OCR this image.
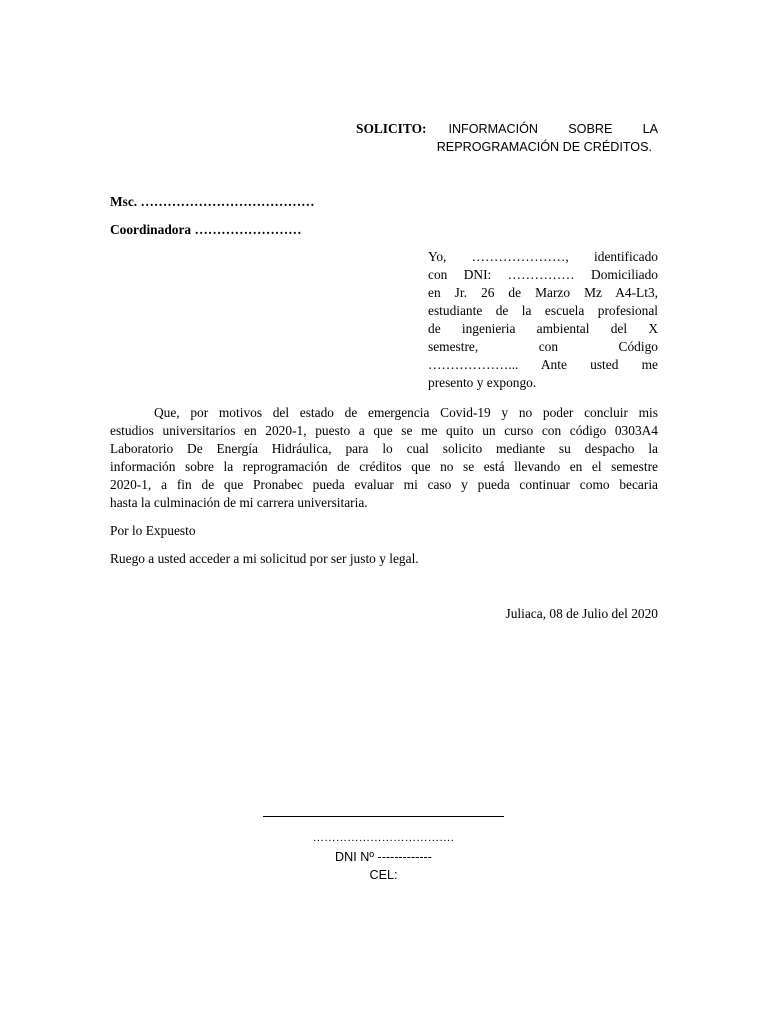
SOLICITO: INFORMACIÓN SOBRE LA
REPROGRAMACIÓN DE CRÉDITOS.
Msc. …………………………………
Coordinadora ……………………
Yo, …………………, identificado
con DNI: …………… Domiciliado
en Jr. 26 de Marzo Mz A4-Lt3,
estudiante de la escuela profesional
de ingenieria ambiental del X
semestre, con Código
………………... Ante usted me
presento y expongo.
Que, por motivos del estado de emergencia Covid-19 y no poder concluir mis
estudios universitarios en 2020-1, puesto a que se me quito un curso con código 0303A4
Laboratorio De Energía Hidráulica, para lo cual solicito mediante su despacho la
información sobre la reprogramación de créditos que no se está llevando en el semestre
2020-1, a fin de que Pronabec pueda evaluar mi caso y pueda continuar como becaria
hasta la culminación de mi carrera universitaria.
Por lo Expuesto
Ruego a usted acceder a mi solicitud por ser justo y legal.
Juliaca, 08 de Julio del 2020
……………………………….
DNI Nº -------------
CEL:
